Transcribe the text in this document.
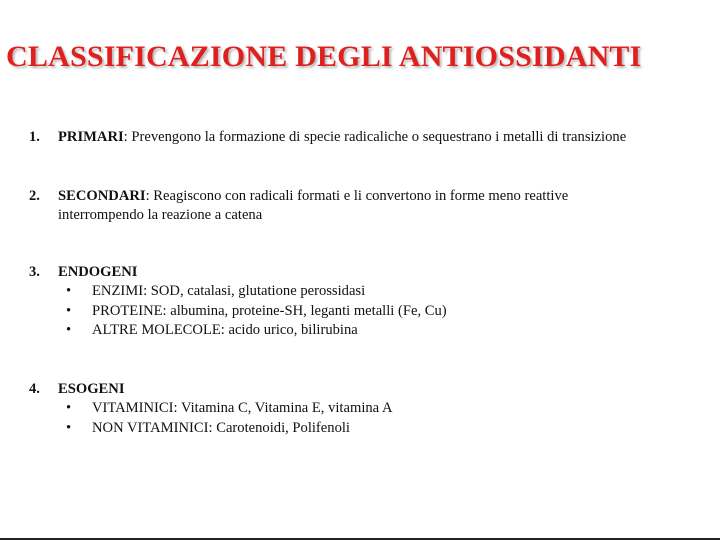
CLASSIFICAZIONE DEGLI ANTIOSSIDANTI
1. PRIMARI: Prevengono la formazione di specie radicaliche o sequestrano i metalli di transizione
2. SECONDARI: Reagiscono con radicali formati e li convertono in forme meno reattive interrompendo la reazione a catena
3. ENDOGENI
• ENZIMI: SOD, catalasi, glutatione perossidasi
• PROTEINE: albumina, proteine-SH, leganti metalli (Fe, Cu)
• ALTRE MOLECOLE: acido urico, bilirubina
4. ESOGENI
• VITAMINICI: Vitamina C, Vitamina E, vitamina A
• NON VITAMINICI: Carotenoidi, Polifenoli
